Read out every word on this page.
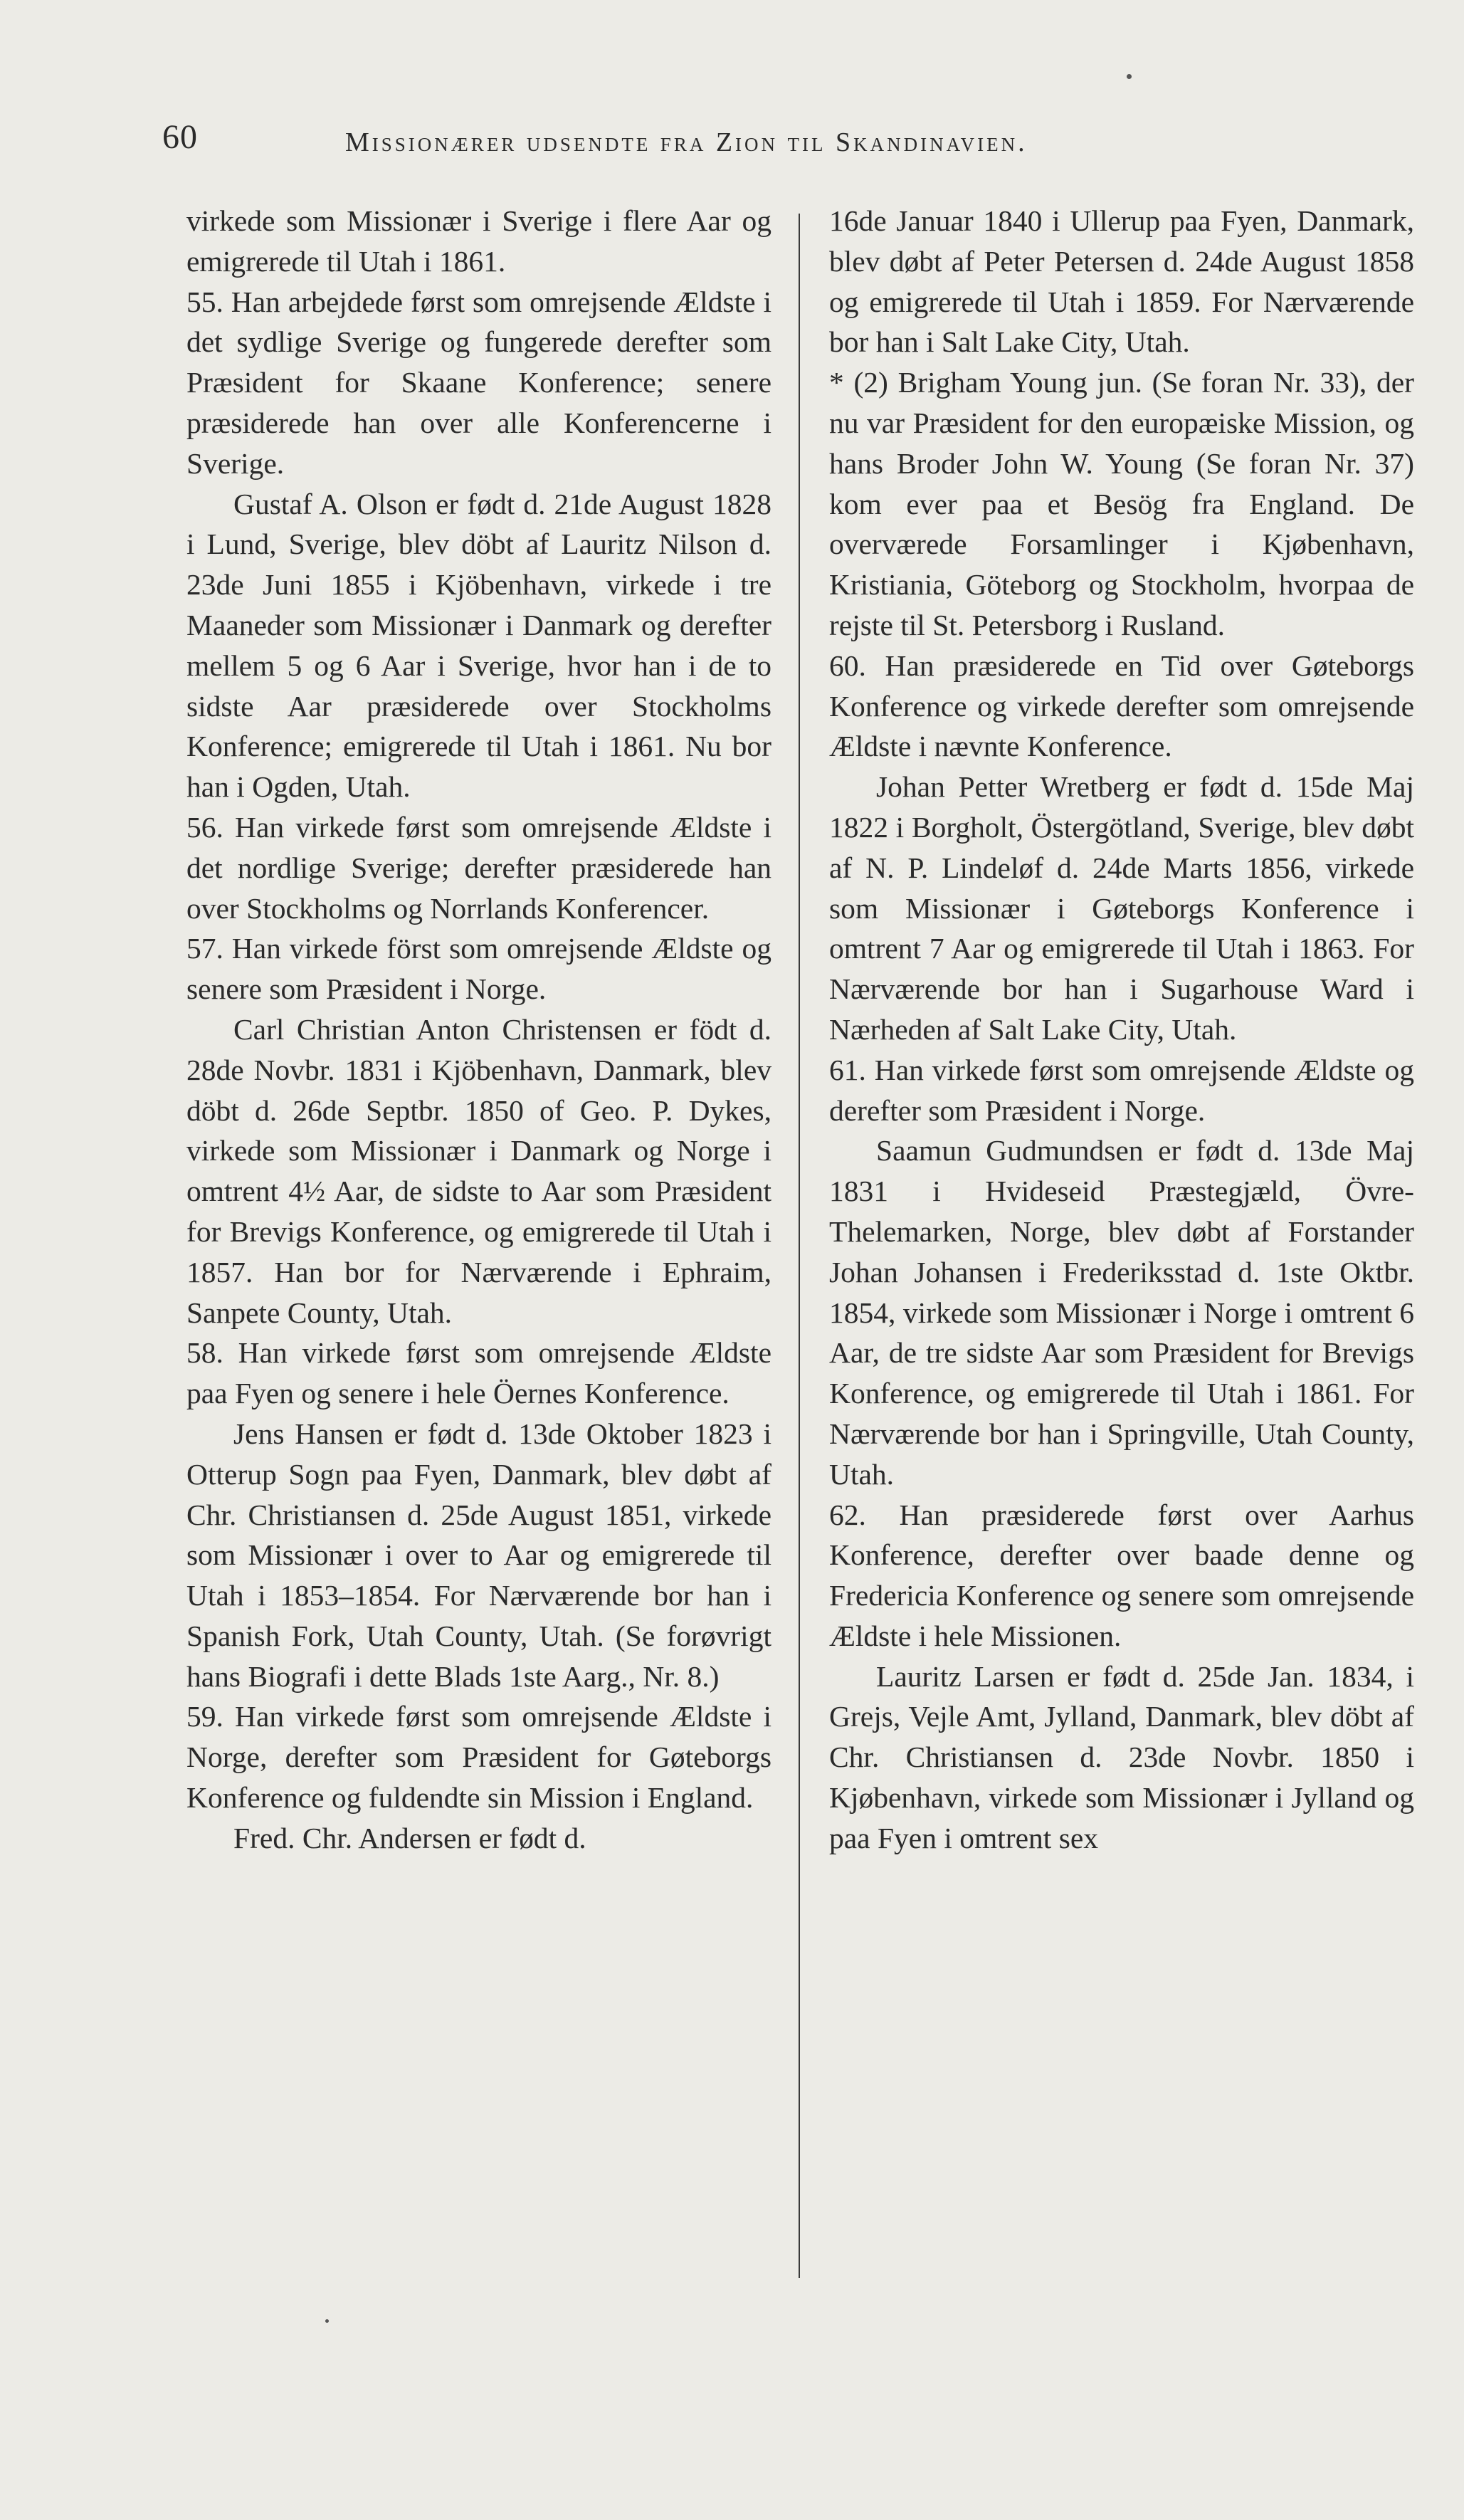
60	Missionærer udsendte fra Zion til Skandinavien.

virkede som Missionær i Sverige i flere Aar og emigrerede til Utah i 1861.

55. Han arbejdede først som omrejsende Ældste i det sydlige Sverige og fungerede derefter som Præsident for Skaane Konference; senere præsiderede han over alle Konferencerne i Sverige.

Gustaf A. Olson er født d. 21de August 1828 i Lund, Sverige, blev döbt af Lauritz Nilson d. 23de Juni 1855 i Kjöbenhavn, virkede i tre Maaneder som Missionær i Danmark og derefter mellem 5 og 6 Aar i Sverige, hvor han i de to sidste Aar præsiderede over Stockholms Konference; emigrerede til Utah i 1861. Nu bor han i Ogden, Utah.

56. Han virkede først som omrejsende Ældste i det nordlige Sverige; derefter præsiderede han over Stockholms og Norrlands Konferencer.

57. Han virkede först som omrejsende Ældste og senere som Præsident i Norge.

Carl Christian Anton Christensen er födt d. 28de Novbr. 1831 i Kjöbenhavn, Danmark, blev döbt d. 26de Septbr. 1850 of Geo. P. Dykes, virkede som Missionær i Danmark og Norge i omtrent 4½ Aar, de sidste to Aar som Præsident for Brevigs Konference, og emigrerede til Utah i 1857. Han bor for Nærværende i Ephraim, Sanpete County, Utah.

58. Han virkede først som omrejsende Ældste paa Fyen og senere i hele Öernes Konference.

Jens Hansen er født d. 13de Oktober 1823 i Otterup Sogn paa Fyen, Danmark, blev døbt af Chr. Christiansen d. 25de August 1851, virkede som Missionær i over to Aar og emigrerede til Utah i 1853–1854. For Nærværende bor han i Spanish Fork, Utah County, Utah. (Se forøvrigt hans Biografi i dette Blads 1ste Aarg., Nr. 8.)

59. Han virkede først som omrejsende Ældste i Norge, derefter som Præsident for Gøteborgs Konference og fuldendte sin Mission i England.

Fred. Chr. Andersen er født d.

16de Januar 1840 i Ullerup paa Fyen, Danmark, blev døbt af Peter Petersen d. 24de August 1858 og emigrerede til Utah i 1859. For Nærværende bor han i Salt Lake City, Utah.

* (2) Brigham Young jun. (Se foran Nr. 33), der nu var Præsident for den europæiske Mission, og hans Broder John W. Young (Se foran Nr. 37) kom ever paa et Besög fra England. De overværede Forsamlinger i Kjøbenhavn, Kristiania, Göteborg og Stockholm, hvorpaa de rejste til St. Petersborg i Rusland.

60. Han præsiderede en Tid over Gøteborgs Konference og virkede derefter som omrejsende Ældste i nævnte Konference.

Johan Petter Wretberg er født d. 15de Maj 1822 i Borgholt, Östergötland, Sverige, blev døbt af N. P. Lindeløf d. 24de Marts 1856, virkede som Missionær i Gøteborgs Konference i omtrent 7 Aar og emigrerede til Utah i 1863. For Nærværende bor han i Sugarhouse Ward i Nærheden af Salt Lake City, Utah.

61. Han virkede først som omrejsende Ældste og derefter som Præsident i Norge.

Saamun Gudmundsen er født d. 13de Maj 1831 i Hvideseid Præstegjæld, Övre-Thelemarken, Norge, blev døbt af Forstander Johan Johansen i Frederiksstad d. 1ste Oktbr. 1854, virkede som Missionær i Norge i omtrent 6 Aar, de tre sidste Aar som Præsident for Brevigs Konference, og emigrerede til Utah i 1861. For Nærværende bor han i Springville, Utah County, Utah.

62. Han præsiderede først over Aarhus Konference, derefter over baade denne og Fredericia Konference og senere som omrejsende Ældste i hele Missionen.

Lauritz Larsen er født d. 25de Jan. 1834, i Grejs, Vejle Amt, Jylland, Danmark, blev döbt af Chr. Christiansen d. 23de Novbr. 1850 i Kjøbenhavn, virkede som Missionær i Jylland og paa Fyen i omtrent sex
